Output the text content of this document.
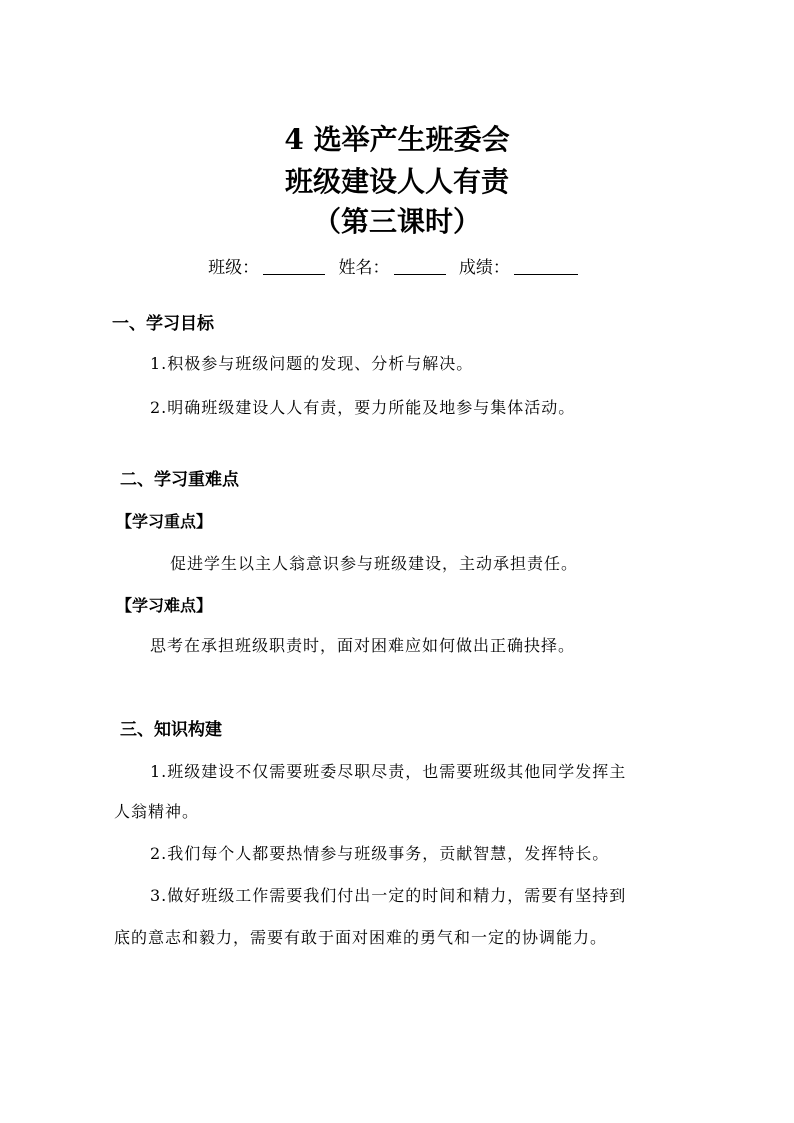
4 选举产生班委会
班级建设人人有责
（第三课时）
班级：	姓名：	成绩：
一、学习目标
1.积极参与班级问题的发现、分析与解决。
2.明确班级建设人人有责，要力所能及地参与集体活动。
二、学习重难点
【学习重点】
促进学生以主人翁意识参与班级建设，主动承担责任。
【学习难点】
思考在承担班级职责时，面对困难应如何做出正确抉择。
三、知识构建
1.班级建设不仅需要班委尽职尽责，也需要班级其他同学发挥主
人翁精神。
2.我们每个人都要热情参与班级事务，贡献智慧，发挥特长。
3.做好班级工作需要我们付出一定的时间和精力，需要有坚持到
底的意志和毅力，需要有敢于面对困难的勇气和一定的协调能力。
